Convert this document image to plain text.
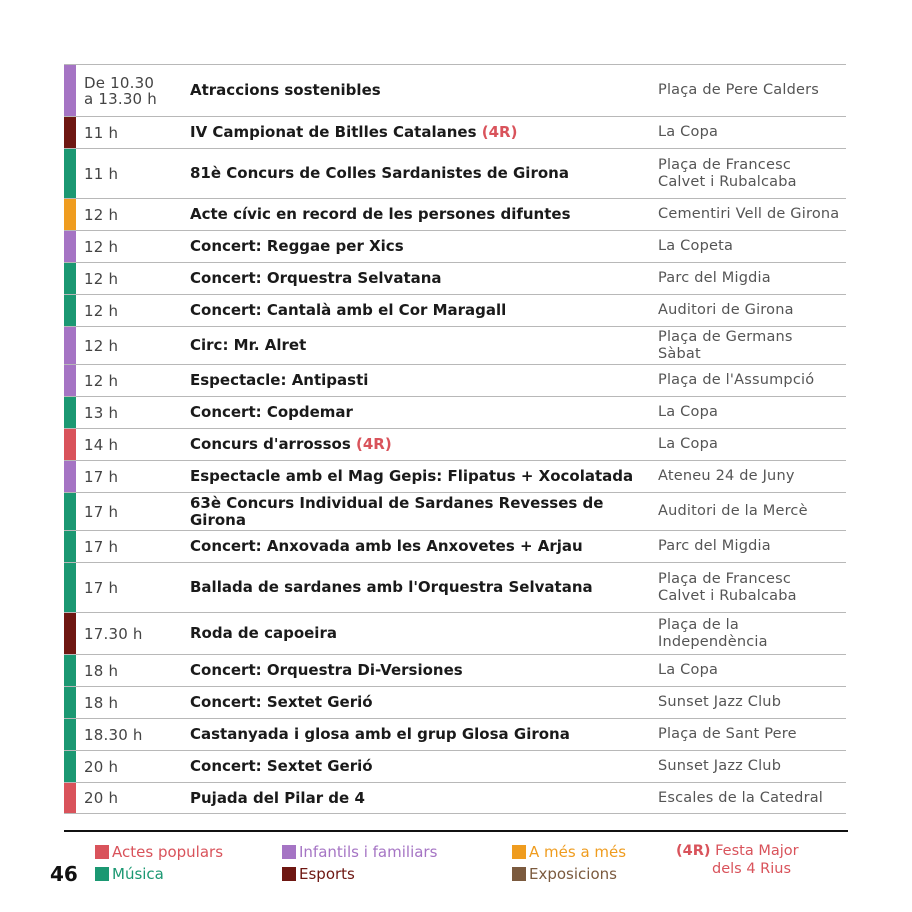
De 10.30
a 13.30 h	Atraccions sostenibles	Plaça de Pere Calders
11 h	IV Campionat de Bitlles Catalanes (4R)	La Copa
11 h	81è Concurs de Colles Sardanistes de Girona	Plaça de Francesc
Calvet i Rubalcaba
12 h	Acte cívic en record de les persones difuntes	Cementiri Vell de Girona
12 h	Concert: Reggae per Xics	La Copeta
12 h	Concert: Orquestra Selvatana	Parc del Migdia
12 h	Concert: Cantalà amb el Cor Maragall	Auditori de Girona
12 h	Circ: Mr. Alret	Plaça de Germans
Sàbat
12 h	Espectacle: Antipasti	Plaça de l'Assumpció
13 h	Concert: Copdemar	La Copa
14 h	Concurs d'arrossos (4R)	La Copa
17 h	Espectacle amb el Mag Gepis: Flipatus + Xocolatada	Ateneu 24 de Juny
17 h	63è Concurs Individual de Sardanes Revesses de
Girona	Auditori de la Mercè
17 h	Concert: Anxovada amb les Anxovetes + Arjau	Parc del Migdia
17 h	Ballada de sardanes amb l'Orquestra Selvatana	Plaça de Francesc
Calvet i Rubalcaba
17.30 h	Roda de capoeira	Plaça de la
Independència
18 h	Concert: Orquestra Di-Versiones	La Copa
18 h	Concert: Sextet Gerió	Sunset Jazz Club
18.30 h	Castanyada i glosa amb el grup Glosa Girona	Plaça de Sant Pere
20 h	Concert: Sextet Gerió	Sunset Jazz Club
20 h	Pujada del Pilar de 4	Escales de la Catedral
46
Actes populars
Música
Infantils i familiars
Esports
A més a més
Exposicions
(4R) Festa Major
dels 4 Rius
